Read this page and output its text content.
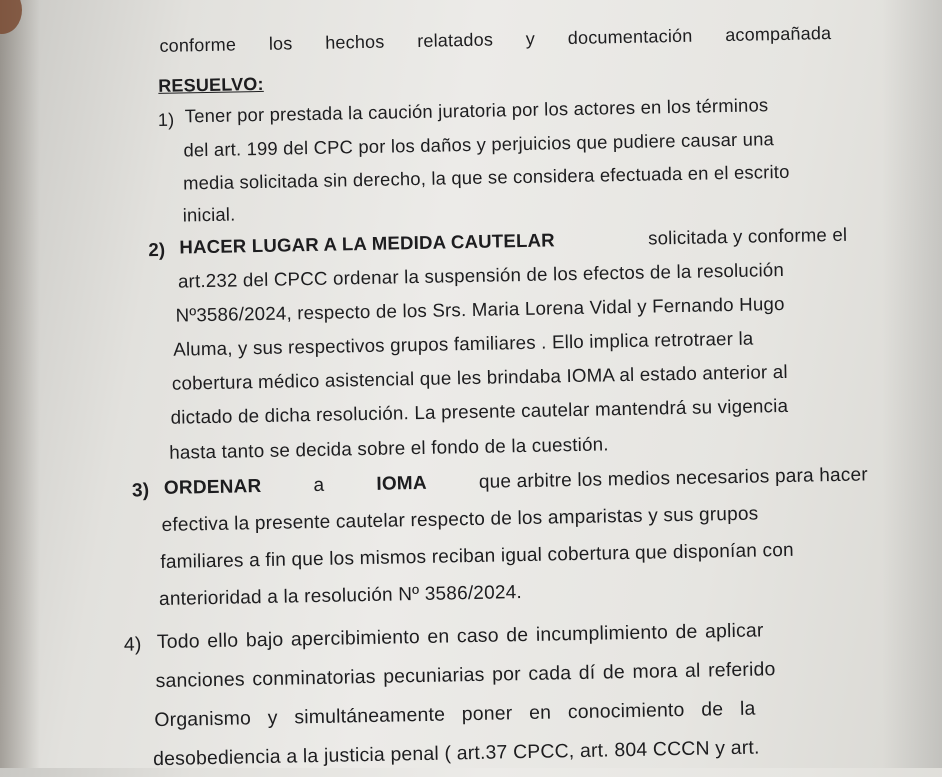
conforme los hechos relatados y documentación acompañada
RESUELVO:
1) Tener por prestada la caución juratoria por los actores en los términos
del art. 199 del CPC por los daños y perjuicios que pudiere causar una
media solicitada sin derecho, la que se considera efectuada en el escrito
inicial.
2) HACER LUGAR A LA MEDIDA CAUTELAR	solicitada y conforme el
art.232 del CPCC ordenar la suspensión de los efectos de la resolución
Nº3586/2024, respecto de los Srs. Maria Lorena Vidal y Fernando Hugo
Aluma, y sus respectivos grupos familiares . Ello implica retrotraer la
cobertura médico asistencial que les brindaba IOMA al estado anterior al
dictado de dicha resolución. La presente cautelar mantendrá su vigencia
hasta tanto se decida sobre el fondo de la cuestión.
3) ORDENAR	a	IOMA	que arbitre los medios necesarios para hacer
efectiva la presente cautelar respecto de los amparistas y sus grupos
familiares a fin que los mismos reciban igual cobertura que disponían con
anterioridad a la resolución Nº 3586/2024.
4) Todo ello bajo apercibimiento en caso de incumplimiento de aplicar
sanciones conminatorias pecuniarias por cada dí de mora al referido
Organismo   y   simultáneamente   poner   en   conocimiento   de   la
desobediencia a la justicia penal ( art.37 CPCC, art. 804 CCCN y art.
